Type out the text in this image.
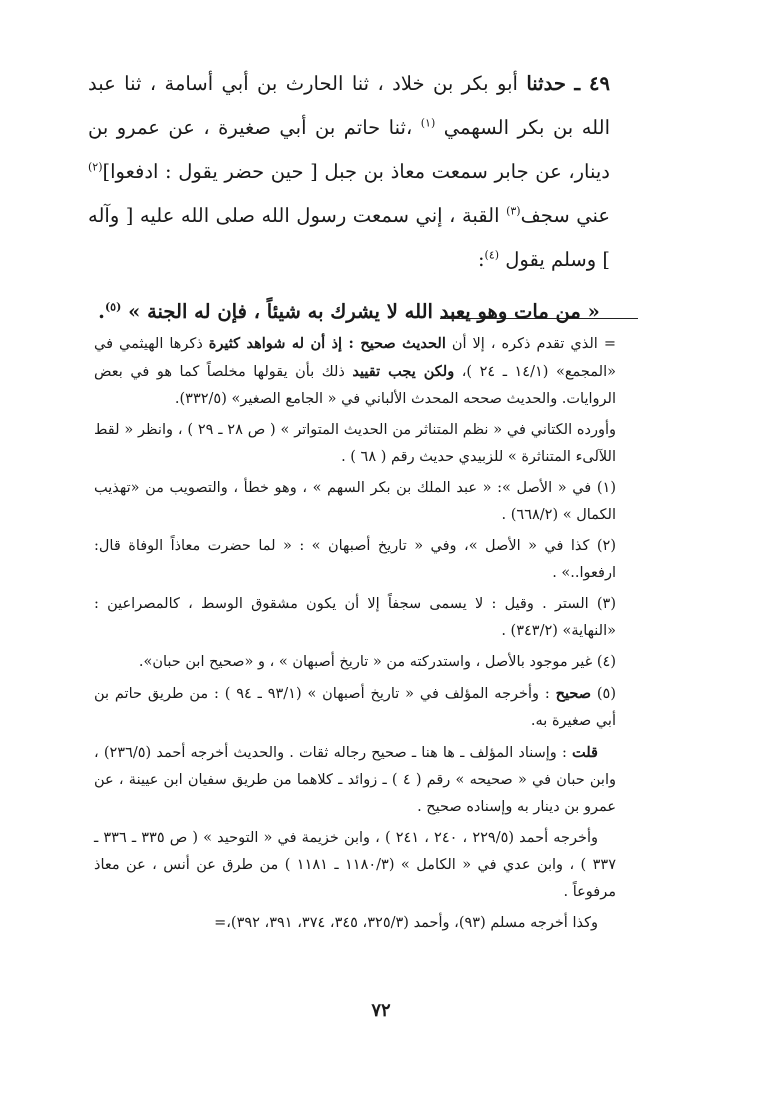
٤٩ ـ حدثنا أبو بكر بن خلاد ، ثنا الحارث بن أبي أسامة ، ثنا عبد الله بن بكر السهمي $^{(١)}$ ،ثنا حاتم بن أبي صغيرة ، عن عمرو بن دينار، عن جابر سمعت معاذ بن جبل [ حين حضر يقول : ادفعوا]$^{(٢)}$ عني سجف$^{(٣)}$ القبة ، إني سمعت رسول الله صلى الله عليه [ وآله ] وسلم يقول $^{(٤)}$:

« من مات وهو يعبد الله لا يشرك به شيئاً ، فإن له الجنة » $^{(٥)}$.

= الذي تقدم ذكره ، إلا أن الحديث صحيح : إذ أن له شواهد كثيرة ذكرها الهيثمي في «المجمع» (١٤/١ ـ ٢٤ )، ولكن يجب تقييد ذلك بأن يقولها مخلصاً كما هو في بعض الروايات. والحديث صححه المحدث الألباني في « الجامع الصغير» (٣٣٢/٥).

وأورده الكتاني في « نظم المتناثر من الحديث المتواتر » ( ص ٢٨ ـ ٢٩ ) ، وانظر « لقط اللآلىء المتناثرة » للزبيدي حديث رقم ( ٦٨ ) .

(١) في « الأصل »: « عبد الملك بن بكر السهم » ، وهو خطأ ، والتصويب من «تهذيب الكمال » (٦٦٨/٢) .

(٢) كذا في « الأصل »، وفي « تاريخ أصبهان » : « لما حضرت معاذاً الوفاة قال: ارفعوا..» .

(٣) الستر . وقيل : لا يسمى سجفاً إلا أن يكون مشقوق الوسط ، كالمصراعين : «النهاية» (٣٤٣/٢) .

(٤) غير موجود بالأصل ، واستدركته من « تاريخ أصبهان » ، و «صحيح ابن حبان».

(٥) صحيح : وأخرجه المؤلف في « تاريخ أصبهان » (٩٣/١ ـ ٩٤ ) : من طريق حاتم بن أبي صغيرة به.

قلت : وإسناد المؤلف ـ ها هنا ـ صحيح رجاله ثقات . والحديث أخرجه أحمد (٢٣٦/٥) ، وابن حبان في « صحيحه » رقم ( ٤ ) ـ زوائد ـ كلاهما من طريق سفيان ابن عيينة ، عن عمرو بن دينار به وإسناده صحيح .

وأخرجه أحمد (٢٢٩/٥ ، ٢٤٠ ، ٢٤١ ) ، وابن خزيمة في « التوحيد » ( ص ٣٣٥ ـ ٣٣٦ ـ ٣٣٧ ) ، وابن عدي في « الكامل » (١١٨٠/٣ ـ ١١٨١ ) من طرق عن أنس ، عن معاذ مرفوعاً .

وكذا أخرجه مسلم (٩٣)، وأحمد (٣٢٥/٣، ٣٤٥، ٣٧٤، ٣٩١، ٣٩٢)،=

٧٢
